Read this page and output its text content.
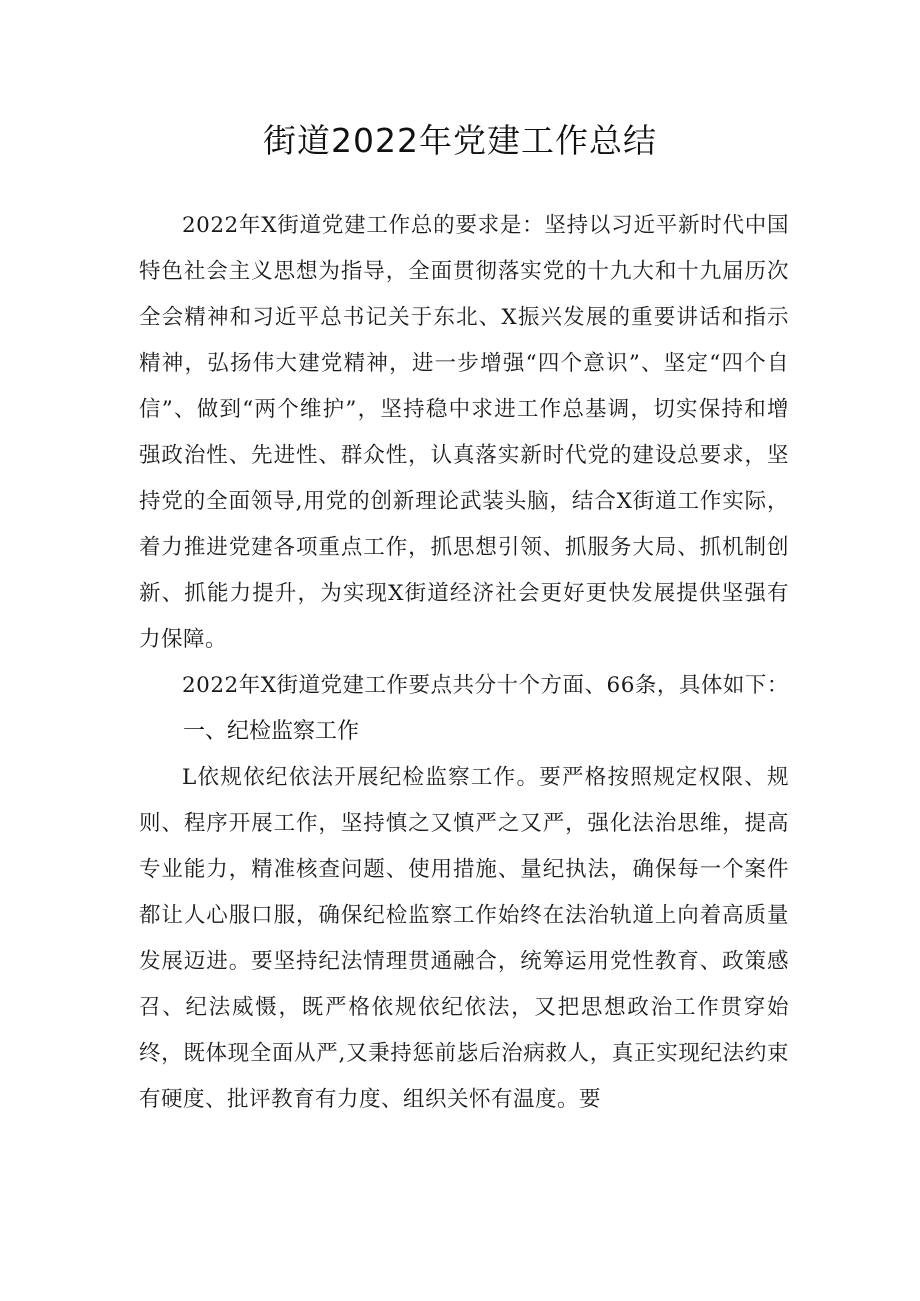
街道2022年党建工作总结

2022年X街道党建工作总的要求是：坚持以习近平新时代中国特色社会主义思想为指导，全面贯彻落实党的十九大和十九届历次全会精神和习近平总书记关于东北、X振兴发展的重要讲话和指示精神，弘扬伟大建党精神，进一步增强“四个意识”、坚定“四个自信”、做到“两个维护”，坚持稳中求进工作总基调，切实保持和增强政治性、先进性、群众性，认真落实新时代党的建设总要求，坚持党的全面领导,用党的创新理论武装头脑，结合X街道工作实际，着力推进党建各项重点工作，抓思想引领、抓服务大局、抓机制创新、抓能力提升，为实现X街道经济社会更好更快发展提供坚强有力保障。

2022年X街道党建工作要点共分十个方面、66条，具体如下：

一、纪检监察工作

L依规依纪依法开展纪检监察工作。要严格按照规定权限、规则、程序开展工作，坚持慎之又慎严之又严，强化法治思维，提高专业能力，精准核查问题、使用措施、量纪执法，确保每一个案件都让人心服口服，确保纪检监察工作始终在法治轨道上向着高质量发展迈进。要坚持纪法情理贯通融合，统筹运用党性教育、政策感召、纪法威慑，既严格依规依纪依法，又把思想政治工作贯穿始终，既体现全面从严,又秉持惩前毖后治病救人，真正实现纪法约束有硬度、批评教育有力度、组织关怀有温度。要
